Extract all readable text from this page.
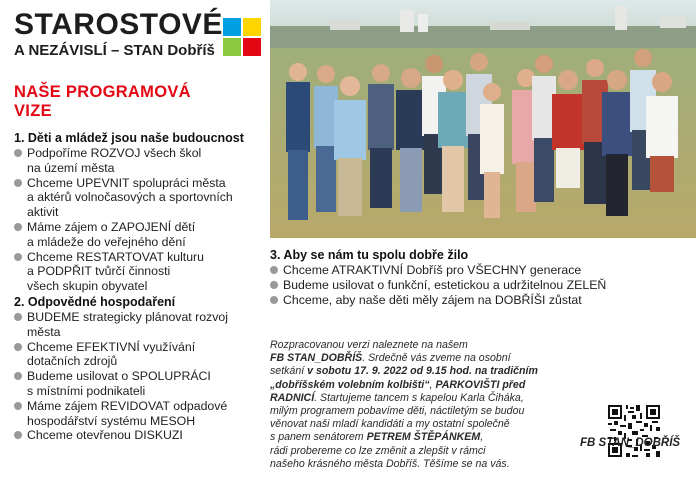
STAROSTOVÉ
A NEZÁVISLÍ – STAN Dobříš
NAŠE PROGRAMOVÁ
VIZE
1. Děti a mládež jsou naše budoucnost
Podpoříme ROZVOJ všech škol
na území města
Chceme UPEVNIT spolupráci města
a aktérů volnočasových a sportovních
aktivit
Máme zájem o ZAPOJENÍ dětí
a mládeže do veřejného dění
Chceme RESTARTOVAT kulturu
a PODPŘIT tvůrčí činnosti
všech skupin obyvatel
2. Odpovědné hospodaření
BUDEME strategicky plánovat rozvoj
města
Chceme EFEKTIVNÍ využívání
dotačních zdrojů
Budeme usilovat o SPOLUPRÁCI
s místními podnikateli
Máme zájem REVIDOVAT odpadové
hospodářství systému MESOH
Chceme otevřenou DISKUZI
3. Aby se nám tu spolu dobře žilo
Chceme ATRAKTIVNÍ Dobříš pro VŠECHNY generace
Budeme usilovat o funkční, estetickou a udržitelnou ZELEŇ
Chceme, aby naše děti měly zájem na DOBŘÍŠI zůstat
Rozpracovanou verzi naleznete na našem
FB STAN_DOBŘÍŠ. Srdečně vás zveme na osobní
setkání v sobotu 17. 9. 2022 od 9.15 hod. na tradičním
„dobříšském volebním kolbišti“, PARKOVIŠTI před
RADNICÍ. Startujeme tancem s kapelou Karla Čiháka,
milým programem pobavíme děti, náctiletým se budou
věnovat naši mladí kandidáti a my ostatní společně
s panem senátorem PETREM ŠTĚPÁNKEM,
rádi probereme co lze změnit a zlepšit v rámci
našeho krásného města Dobříš. Těšíme se na vás.
FB STAN_DOBŘÍŠ
